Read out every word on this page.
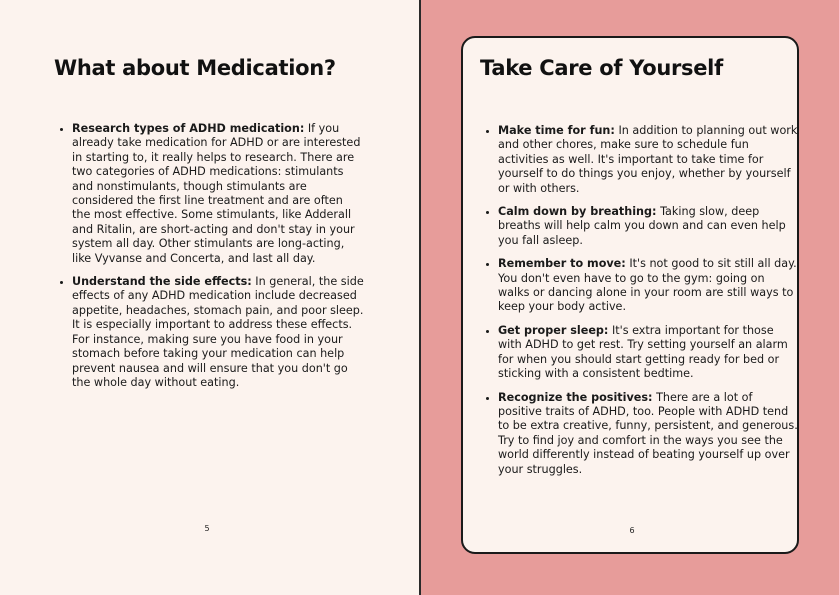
What about Medication?
• Research types of ADHD medication: If you already take medication for ADHD or are interested in starting to, it really helps to research. There are two categories of ADHD medications: stimulants and nonstimulants, though stimulants are considered the first line treatment and are often the most effective. Some stimulants, like Adderall and Ritalin, are short-acting and don't stay in your system all day. Other stimulants are long-acting, like Vyvanse and Concerta, and last all day.
• Understand the side effects: In general, the side effects of any ADHD medication include decreased appetite, headaches, stomach pain, and poor sleep. It is especially important to address these effects. For instance, making sure you have food in your stomach before taking your medication can help prevent nausea and will ensure that you don't go the whole day without eating.
5
Take Care of Yourself
• Make time for fun: In addition to planning out work and other chores, make sure to schedule fun activities as well. It's important to take time for yourself to do things you enjoy, whether by yourself or with others.
• Calm down by breathing: Taking slow, deep breaths will help calm you down and can even help you fall asleep.
• Remember to move: It's not good to sit still all day. You don't even have to go to the gym: going on walks or dancing alone in your room are still ways to keep your body active.
• Get proper sleep: It's extra important for those with ADHD to get rest. Try setting yourself an alarm for when you should start getting ready for bed or sticking with a consistent bedtime.
• Recognize the positives: There are a lot of positive traits of ADHD, too. People with ADHD tend to be extra creative, funny, persistent, and generous. Try to find joy and comfort in the ways you see the world differently instead of beating yourself up over your struggles.
6
